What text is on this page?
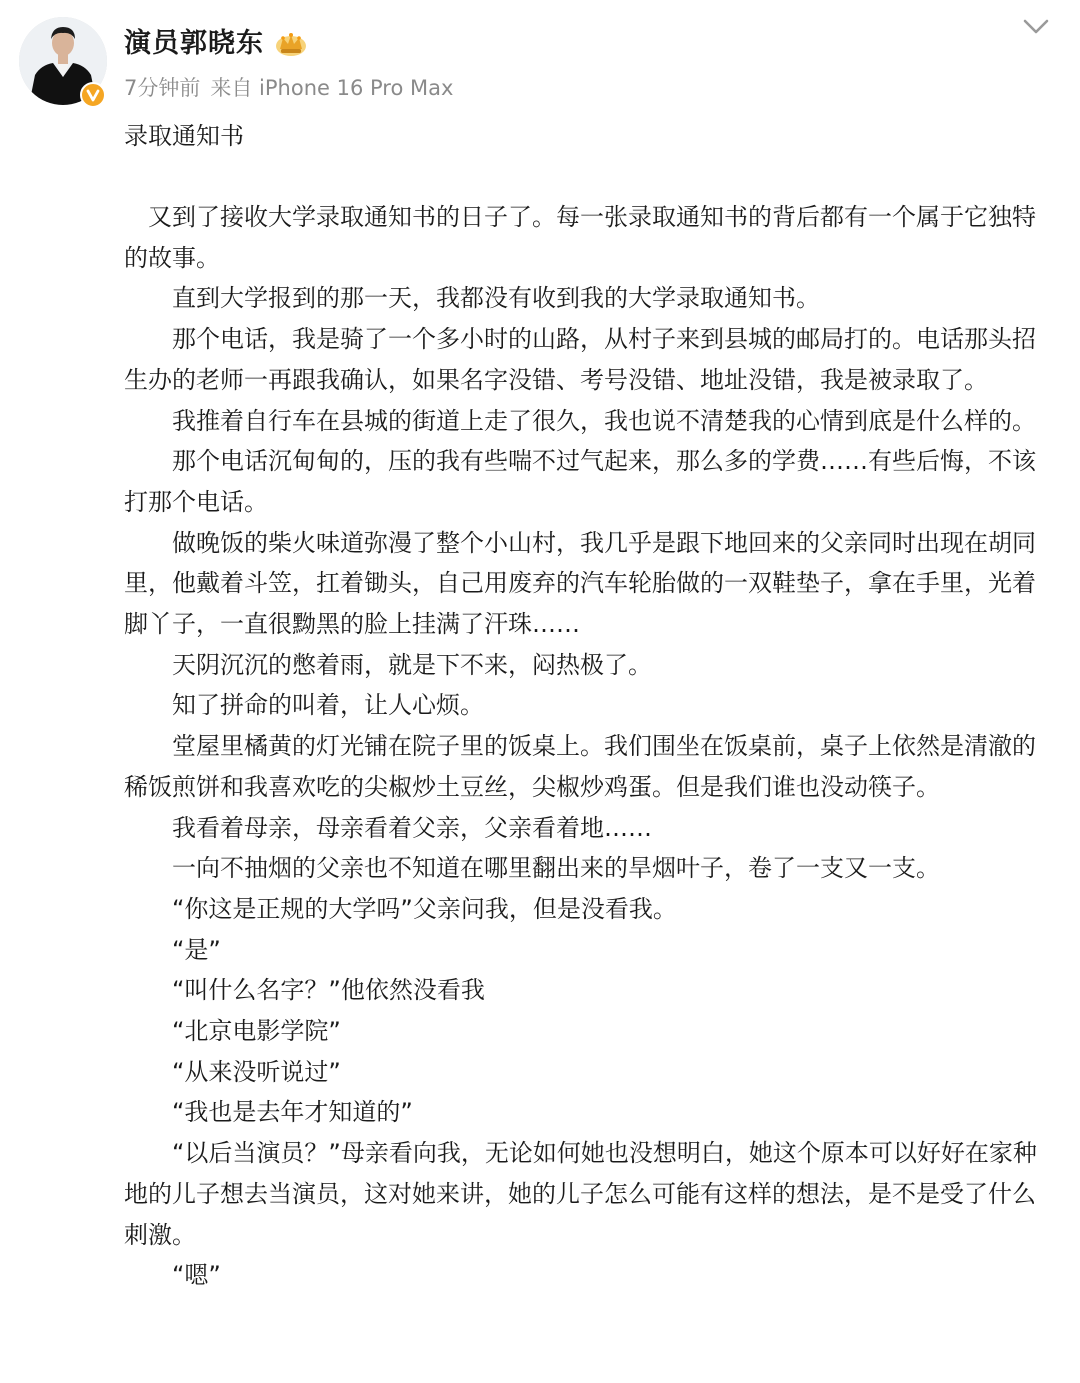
演员郭晓东
7分钟前 来自 iPhone 16 Pro Max
录取通知书

又到了接收大学录取通知书的日子了。每一张录取通知书的背后都有一个属于它独特的故事。

直到大学报到的那一天，我都没有收到我的大学录取通知书。

那个电话，我是骑了一个多小时的山路，从村子来到县城的邮局打的。电话那头招生办的老师一再跟我确认，如果名字没错、考号没错、地址没错，我是被录取了。

我推着自行车在县城的街道上走了很久，我也说不清楚我的心情到底是什么样的。

那个电话沉甸甸的，压的我有些喘不过气起来，那么多的学费……有些后悔，不该打那个电话。

做晚饭的柴火味道弥漫了整个小山村，我几乎是跟下地回来的父亲同时出现在胡同里，他戴着斗笠，扛着锄头，自己用废弃的汽车轮胎做的一双鞋垫子，拿在手里，光着脚丫子，一直很黝黑的脸上挂满了汗珠……

天阴沉沉的憋着雨，就是下不来，闷热极了。

知了拼命的叫着，让人心烦。

堂屋里橘黄的灯光铺在院子里的饭桌上。我们围坐在饭桌前，桌子上依然是清澈的稀饭煎饼和我喜欢吃的尖椒炒土豆丝，尖椒炒鸡蛋。但是我们谁也没动筷子。

我看着母亲，母亲看着父亲，父亲看着地……

一向不抽烟的父亲也不知道在哪里翻出来的旱烟叶子，卷了一支又一支。

“你这是正规的大学吗”父亲问我，但是没看我。

“是”

“叫什么名字？”他依然没看我

“北京电影学院”

“从来没听说过”

“我也是去年才知道的”

“以后当演员？”母亲看向我，无论如何她也没想明白，她这个原本可以好好在家种地的儿子想去当演员，这对她来讲，她的儿子怎么可能有这样的想法，是不是受了什么刺激。

“嗯”
